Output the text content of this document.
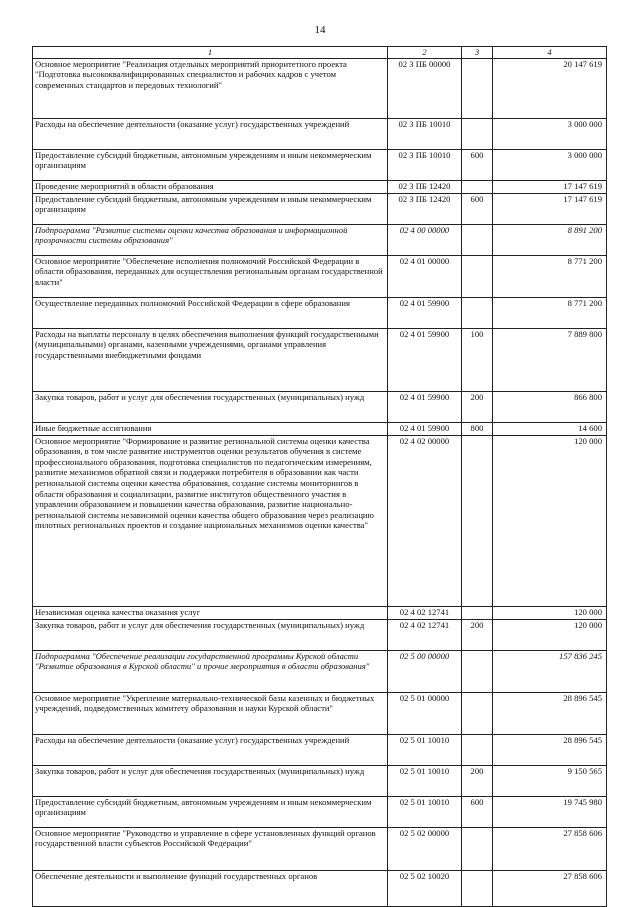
14
1	2	3	4
Основное мероприятие "Реализация отдельных мероприятий приоритетного проекта "Подготовка высококвалифицированных специалистов и рабочих кадров с учетом современных стандартов и передовых технологий"	02 3 ПБ 00000		20 147 619
Расходы на обеспечение деятельности (оказание услуг) государственных учреждений	02 3 ПБ 10010		3 000 000
Предоставление субсидий бюджетным, автономным учреждениям и иным некоммерческим организациям	02 3 ПБ 10010	600	3 000 000
Проведение мероприятий в области образования	02 3 ПБ 12420		17 147 619
Предоставление субсидий бюджетным, автономным учреждениям и иным некоммерческим организациям	02 3 ПБ 12420	600	17 147 619
Подпрограмма "Развитие системы оценки качества образования и информационной прозрачности системы образования"	02 4 00 00000		8 891 200
Основное мероприятие "Обеспечение исполнения полномочий Российской Федерации в области образования, переданных для осуществления региональным органам государственной власти"	02 4 01 00000		8 771 200
Осуществление переданных полномочий Российской Федерации в сфере образования	02 4 01 59900		8 771 200
Расходы на выплаты персоналу в целях обеспечения выполнения функций государственными (муниципальными) органами, казенными учреждениями, органами управления государственными внебюджетными фондами	02 4 01 59900	100	7 889 800
Закупка товаров, работ и услуг для обеспечения государственных (муниципальных) нужд	02 4 01 59900	200	866 800
Иные бюджетные ассигнования	02 4 01 59900	800	14 600
Основное мероприятие "Формирование и развитие региональной системы оценки качества образования, в том числе развитие инструментов оценки результатов обучения в системе профессионального образования, подготовка специалистов по педагогическим измерениям, развитие механизмов обратной связи и поддержки потребителя в образовании как части региональной системы оценки качества образования, создание системы мониторингов в области образования и социализации, развитие институтов общественного участия в управлении образованием и повышении качества образования, развитие национально-региональной системы независимой оценки качества общего образования через реализацию пилотных региональных проектов и создание национальных механизмов оценки качества"	02 4 02 00000		120 000
Независимая оценка качества оказания услуг	02 4 02 12741		120 000
Закупка товаров, работ и услуг для обеспечения государственных (муниципальных) нужд	02 4 02 12741	200	120 000
Подпрограмма "Обеспечение реализации государственной программы Курской области "Развитие образования в Курской области" и прочие мероприятия в области образования"	02 5 00 00000		157 836 245
Основное мероприятие "Укрепление материально-технической базы казенных и бюджетных учреждений, подведомственных комитету образования и науки Курской области"	02 5 01 00000		28 896 545
Расходы на обеспечение деятельности (оказание услуг) государственных учреждений	02 5 01 10010		28 896 545
Закупка товаров, работ и услуг для обеспечения государственных (муниципальных) нужд	02 5 01 10010	200	9 150 565
Предоставление субсидий бюджетным, автономным учреждениям и иным некоммерческим организациям	02 5 01 10010	600	19 745 980
Основное мероприятие "Руководство и управление в сфере установленных функций органов государственной власти субъектов Российской Федерации"	02 5 02 00000		27 858 606
Обеспечение деятельности и выполнение функций государственных органов	02 5 02 10020		27 858 606
